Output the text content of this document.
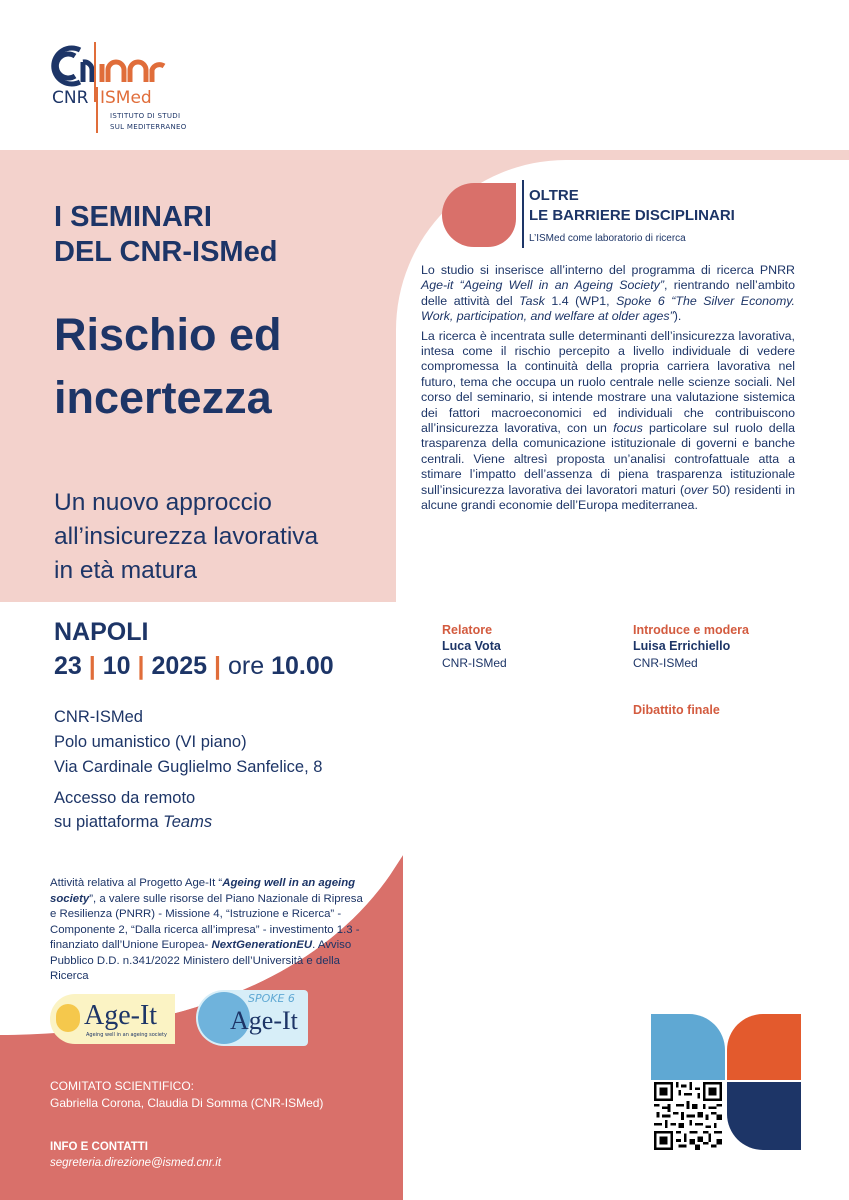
CNR ISMed
ISTITUTO DI STUDI
SUL MEDITERRANEO
I SEMINARI
DEL CNR-ISMed
Rischio ed
incertezza
Un nuovo approccio
all’insicurezza lavorativa
in età matura
NAPOLI
23 | 10 | 2025 | ore 10.00
CNR-ISMed
Polo umanistico (VI piano)
Via Cardinale Guglielmo Sanfelice, 8
Accesso da remoto
su piattaforma Teams
OLTRE
LE BARRIERE DISCIPLINARI
L’ISMed come laboratorio di ricerca

Lo studio si inserisce all’interno del programma di ricerca PNRR Age-it “Ageing Well in an Ageing Society”, rientrando nell’ambito delle attività del Task 1.4 (WP1, Spoke 6 “The Silver Economy. Work, participation, and welfare at older ages”).

La ricerca è incentrata sulle determinanti dell’insicurezza lavorativa, intesa come il rischio percepito a livello individuale di vedere compromessa la continuità della propria carriera lavorativa nel futuro, tema che occupa un ruolo centrale nelle scienze sociali. Nel corso del seminario, si intende mostrare una valutazione sistemica dei fattori macroeconomici ed individuali che contribuiscono all’insicurezza lavorativa, con un focus particolare sul ruolo della trasparenza della comunicazione istituzionale di governi e banche centrali. Viene altresì proposta un’analisi controfattuale atta a stimare l’impatto dell’assenza di piena trasparenza istituzionale sull’insicurezza lavorativa dei lavoratori maturi (over 50) residenti in alcune grandi economie dell’Europa mediterranea.

Relatore
Luca Vota
CNR-ISMed
Introduce e modera
Luisa Errichiello
CNR-ISMed
Dibattito finale
Attività relativa al Progetto Age-It “Ageing well in an ageing society”, a valere sulle risorse del Piano Nazionale di Ripresa e Resilienza (PNRR) - Missione 4, “Istruzione e Ricerca” - Componente 2, “Dalla ricerca all’impresa” - investimento 1.3 - finanziato dall’Unione Europea- NextGenerationEU. Avviso Pubblico D.D. n.341/2022 Ministero dell’Università e della Ricerca
Age-It
Ageing well in an ageing society
SPOKE 6
Age-It
COMITATO SCIENTIFICO:
Gabriella Corona, Claudia Di Somma (CNR-ISMed)
INFO E CONTATTI
segreteria.direzione@ismed.cnr.it
